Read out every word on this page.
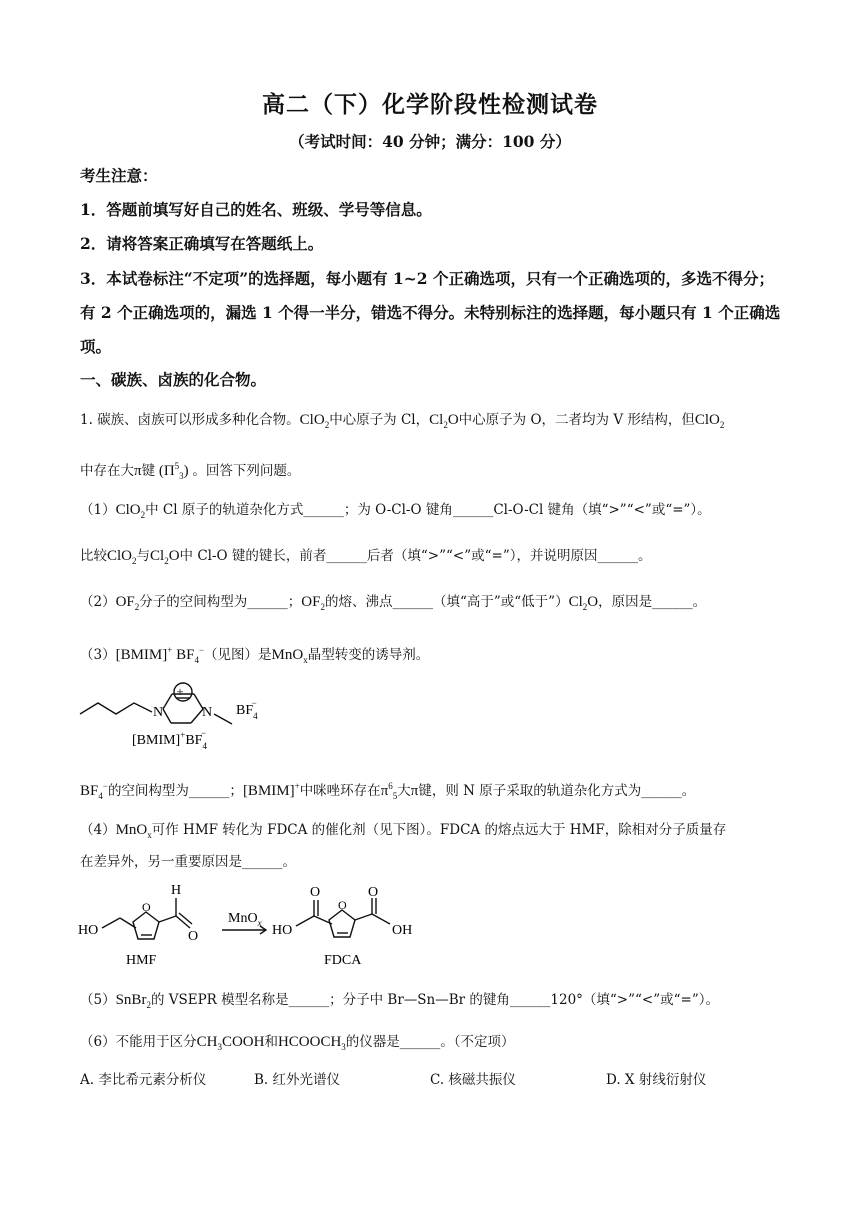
高二（下）化学阶段性检测试卷
（考试时间：40 分钟；满分：100 分）
考生注意：
1．答题前填写好自己的姓名、班级、学号等信息。
2．请将答案正确填写在答题纸上。
3．本试卷标注“不定项”的选择题，每小题有 1~2 个正确选项，只有一个正确选项的，多选不得分；有 2 个正确选项的，漏选 1 个得一半分，错选不得分。未特别标注的选择题，每小题只有 1 个正确选项。
一、碳族、卤族的化合物。
1. 碳族、卤族可以形成多种化合物。ClO$_2$中心原子为 Cl，$Cl_2O$中心原子为 O，二者均为 V 形结构，但ClO$_2$
中存在大π键 $(\Pi^5_3)$ 。回答下列问题。
（1）ClO$_2$中 Cl 原子的轨道杂化方式______；为 O-Cl-O 键角______Cl-O-Cl 键角（填“>”“<”或“=”）。
比较ClO$_2$与$Cl_2O$中 Cl-O 键的键长，前者______后者（填“>”“<”或“=”），并说明原因______。
$(2)OF_2$分子的空间构型为______；$OF_2$的熔、沸点______（填“高于”或“低于$”)Cl_2O$，原因是______。
（3）[BMIM]+ $BF_4^-$（见图）是MnO$_x$晶型转变的诱导剂。
+
N	N $BF_4-$
$[BMIM]^+BF_4-$
$BF_4^-$的空间构型为______；[BMIM]+中咪唑环存在$\pi^6_5$大π键，则 N 原子采取的轨道杂化方式为______。
（4）MnO$_x$可作 HMF 转化为 FDCA 的催化剂（见下图）。FDCA 的熔点远大于 HMF，除相对分子质量存
在差异外，另一重要原因是______。
HO
O
H
O
HMF
MnO$_x$ HO
O
O
O
OH
FDCA
（5）SnBr$_2$的 VSEPR 模型名称是______；分子中 Br—Sn—Br 的键角______120°（填“>”“<”或“=”）。
（6）不能用于区分$CH_3COOH$和$HCOOCH_3$的仪器是______。（不定项）
A. 李比希元素分析仪	B. 红外光谱仪	C. 核磁共振仪	D. X 射线衍射仪
